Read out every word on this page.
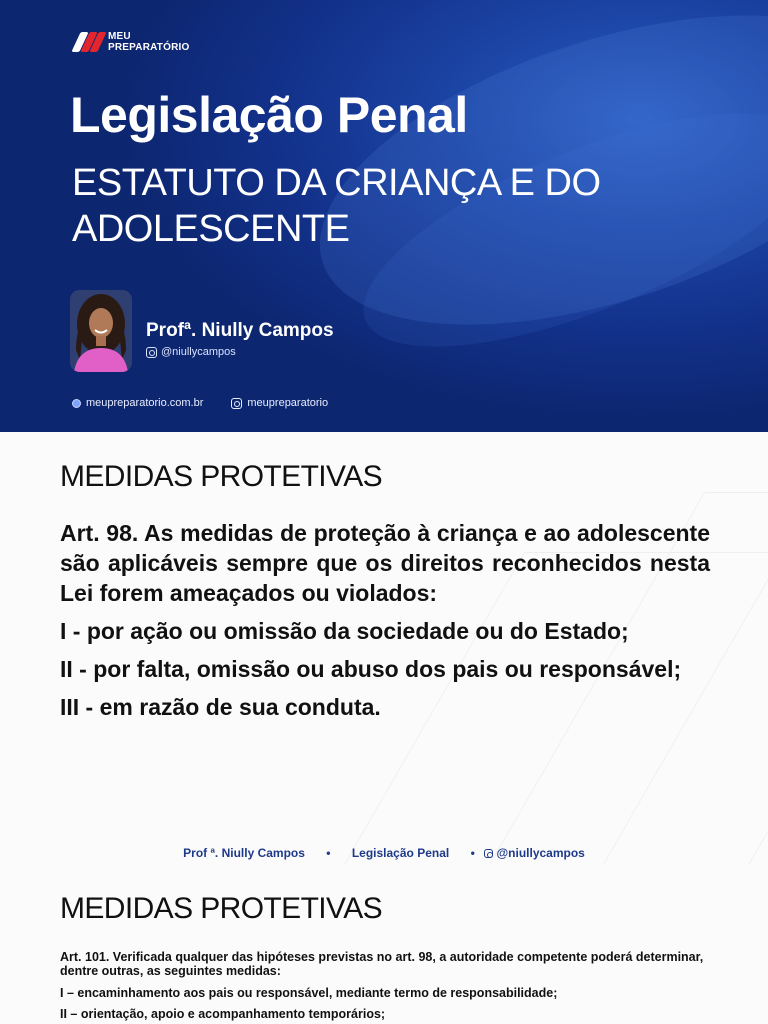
MEU
PREPARATÓRIO
Legislação Penal
ESTATUTO DA CRIANÇA E DO ADOLESCENTE
Profª. Niully Campos
@niullycampos
meupreparatorio.com.br	meupreparatorio
MEDIDAS PROTETIVAS
Art. 98. As medidas de proteção à criança e ao adolescente são aplicáveis sempre que os direitos reconhecidos nesta Lei forem ameaçados ou violados:
I - por ação ou omissão da sociedade ou do Estado;
II - por falta, omissão ou abuso dos pais ou responsável;
III - em razão de sua conduta.
Prof ª. Niully Campos • Legislação Penal • @niullycampos
MEDIDAS PROTETIVAS

Art. 101. Verificada qualquer das hipóteses previstas no art. 98, a autoridade competente poderá determinar, dentre outras, as seguintes medidas:

I – encaminhamento aos pais ou responsável, mediante termo de responsabilidade;

II – orientação, apoio e acompanhamento temporários;
